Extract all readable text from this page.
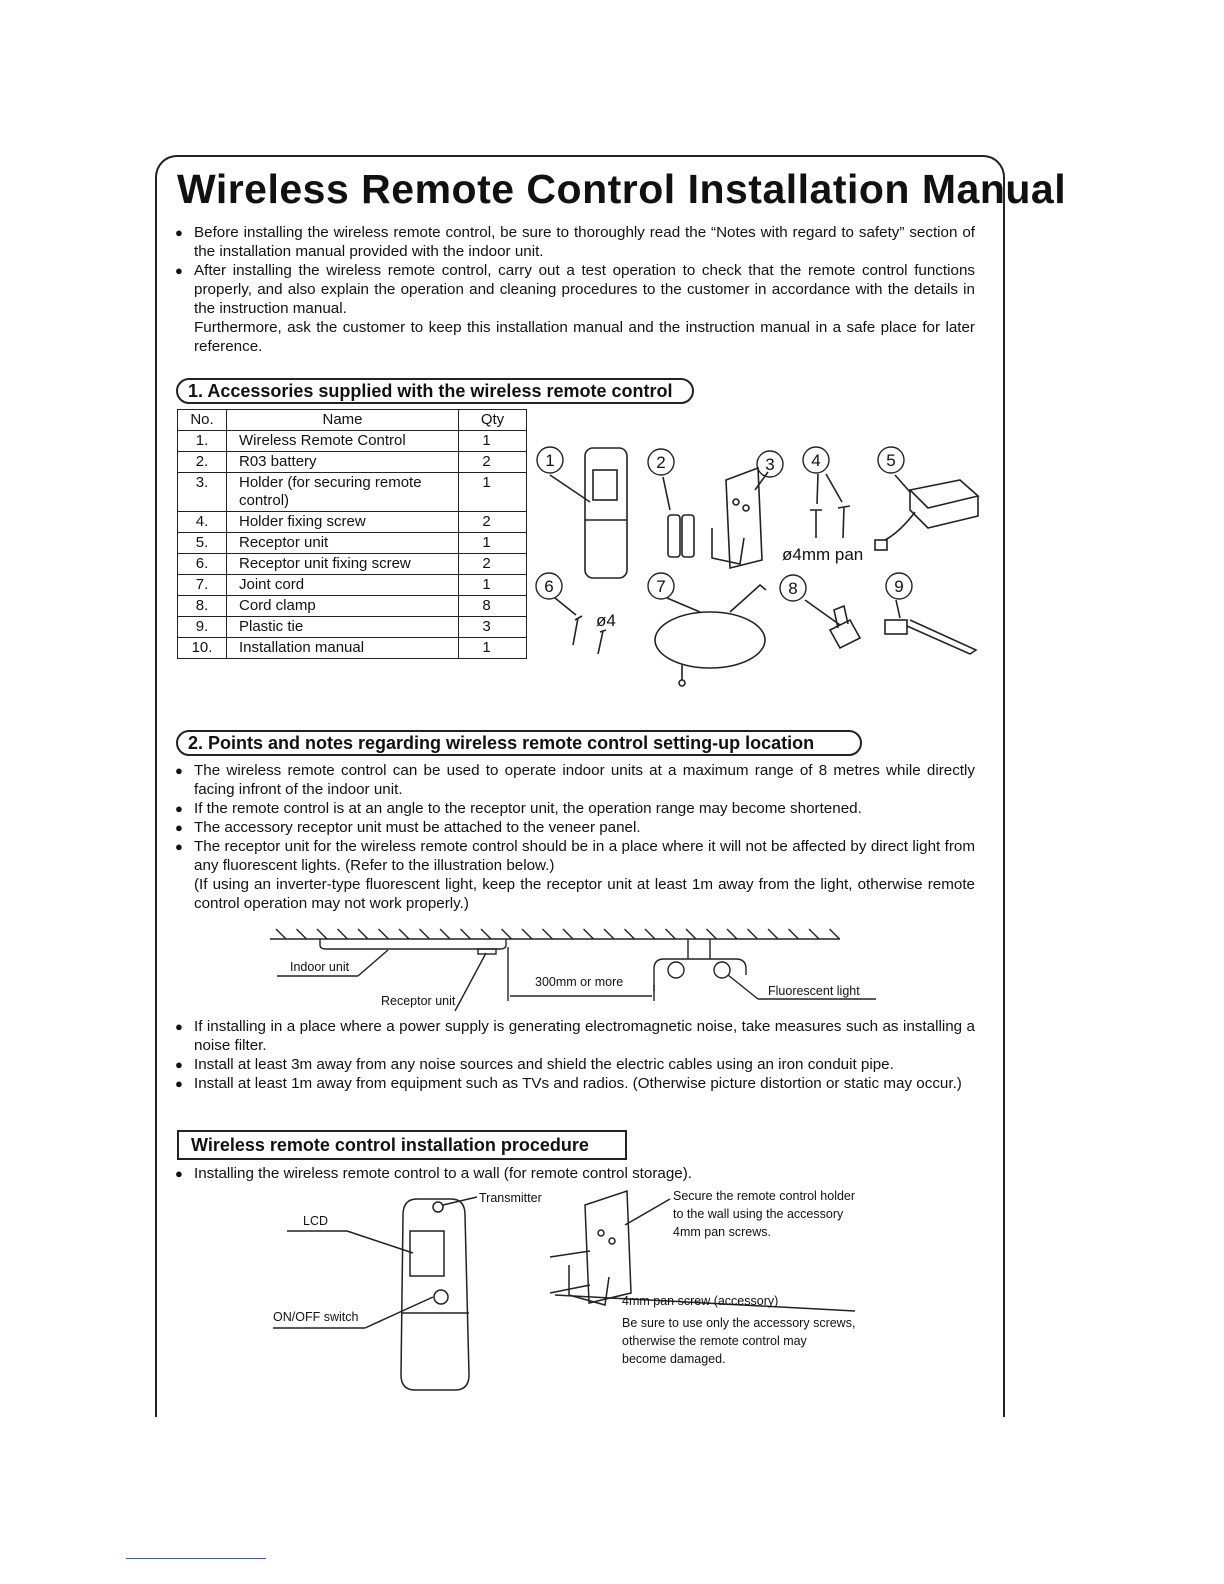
Wireless Remote Control Installation Manual
● Before installing the wireless remote control, be sure to thoroughly read the “Notes with regard to safety” section of the installation manual provided with the indoor unit.
● After installing the wireless remote control, carry out a test operation to check that the remote control functions properly, and also explain the operation and cleaning procedures to the customer in accordance with the details in the instruction manual.
Furthermore, ask the customer to keep this installation manual and the instruction manual in a safe place for later reference.
1. Accessories supplied with the wireless remote control
No.	Name	Qty
1.	Wireless Remote Control	1
2.	R03 battery	2
3.	Holder (for securing remote control)	1
4.	Holder fixing screw	2
5.	Receptor unit	1
6.	Receptor unit fixing screw	2
7.	Joint cord	1
8.	Cord clamp	8
9.	Plastic tie	3
10.	Installation manual	1
1	2	3 4	5
6	7	8	9
ø4mm pan
ø4
2. Points and notes regarding wireless remote control setting-up location
● The wireless remote control can be used to operate indoor units at a maximum range of 8 metres while directly facing infront of the indoor unit.
● If the remote control is at an angle to the receptor unit, the operation range may become shortened.
● The accessory receptor unit must be attached to the veneer panel.
● The receptor unit for the wireless remote control should be in a place where it will not be affected by direct light from any fluorescent lights. (Refer to the illustration below.)
(If using an inverter-type fluorescent light, keep the receptor unit at least 1m away from the light, otherwise remote control operation may not work properly.)
Indoor unit
Receptor unit
300mm or more
Fluorescent light
● If installing in a place where a power supply is generating electromagnetic noise, take measures such as installing a noise filter.
● Install at least 3m away from any noise sources and shield the electric cables using an iron conduit pipe.
● Install at least 1m away from equipment such as TVs and radios. (Otherwise picture distortion or static may occur.)
Wireless remote control installation procedure
● Installing the wireless remote control to a wall (for remote control storage).
Transmitter
LCD
ON/OFF switch
Secure the remote control holder
to the wall using the accessory
4mm pan screws.
4mm pan screw (accessory)
Be sure to use only the accessory screws,
otherwise the remote control may
become damaged.
